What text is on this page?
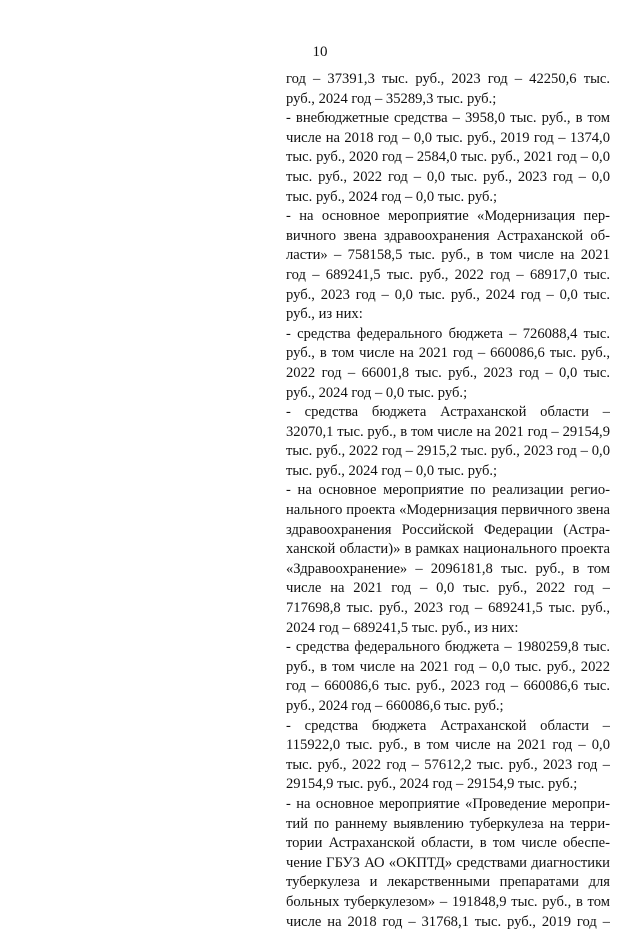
10
год – 37391,3 тыс. руб., 2023 год – 42250,6 тыс.
руб., 2024 год – 35289,3 тыс. руб.;
- внебюджетные средства – 3958,0 тыс. руб., в том
числе на 2018 год – 0,0 тыс. руб., 2019 год – 1374,0
тыс. руб., 2020 год – 2584,0 тыс. руб., 2021 год – 0,0
тыс. руб., 2022 год – 0,0 тыс. руб., 2023 год – 0,0
тыс. руб., 2024 год – 0,0 тыс. руб.;
- на основное мероприятие «Модернизация пер-
вичного звена здравоохранения Астраханской об-
ласти» – 758158,5 тыс. руб., в том числе на 2021
год – 689241,5 тыс. руб., 2022 год – 68917,0 тыс.
руб., 2023 год – 0,0 тыс. руб., 2024 год – 0,0 тыс.
руб., из них:
- средства федерального бюджета – 726088,4 тыс.
руб., в том числе на 2021 год – 660086,6 тыс. руб.,
2022 год – 66001,8 тыс. руб., 2023 год – 0,0 тыс.
руб., 2024 год – 0,0 тыс. руб.;
- средства бюджета Астраханской области –
32070,1 тыс. руб., в том числе на 2021 год – 29154,9
тыс. руб., 2022 год – 2915,2 тыс. руб., 2023 год – 0,0
тыс. руб., 2024 год – 0,0 тыс. руб.;
- на основное мероприятие по реализации регио-
нального проекта «Модернизация первичного звена
здравоохранения Российской Федерации (Астра-
ханской области)» в рамках национального проекта
«Здравоохранение» – 2096181,8 тыс. руб., в том
числе на 2021 год – 0,0 тыс. руб., 2022 год –
717698,8 тыс. руб., 2023 год – 689241,5 тыс. руб.,
2024 год – 689241,5 тыс. руб., из них:
- средства федерального бюджета – 1980259,8 тыс.
руб., в том числе на 2021 год – 0,0 тыс. руб., 2022
год – 660086,6 тыс. руб., 2023 год – 660086,6 тыс.
руб., 2024 год – 660086,6 тыс. руб.;
- средства бюджета Астраханской области –
115922,0 тыс. руб., в том числе на 2021 год – 0,0
тыс. руб., 2022 год – 57612,2 тыс. руб., 2023 год –
29154,9 тыс. руб., 2024 год – 29154,9 тыс. руб.;
- на основное мероприятие «Проведение меропри-
тий по раннему выявлению туберкулеза на терри-
тории Астраханской области, в том числе обеспе-
чение ГБУЗ АО «ОКПТД» средствами диагностики
туберкулеза и лекарственными препаратами для
больных туберкулезом» – 191848,9 тыс. руб., в том
числе на 2018 год – 31768,1 тыс. руб., 2019 год –
